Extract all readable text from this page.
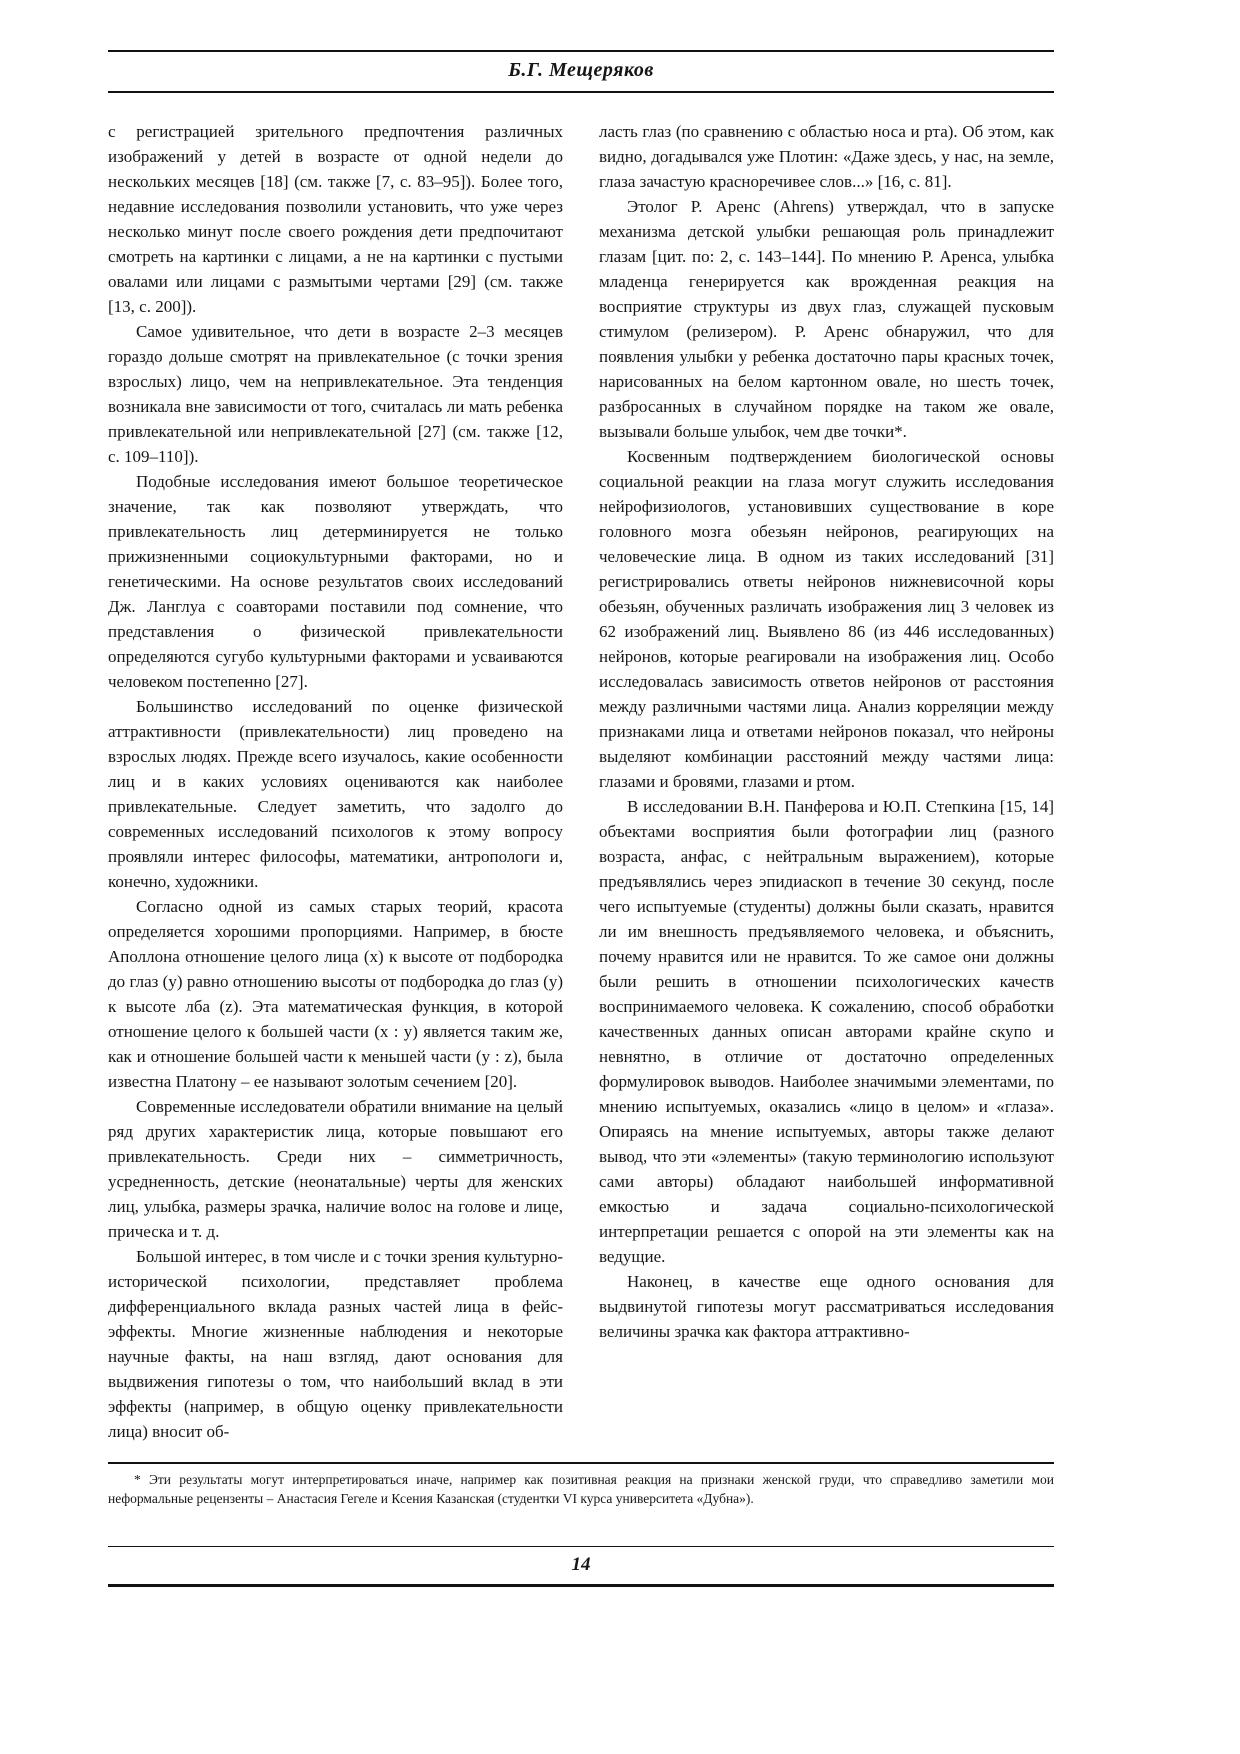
Б.Г. Мещеряков

с регистрацией зрительного предпочтения различных изображений у детей в возрасте от одной недели до нескольких месяцев [18] (см. также [7, с. 83–95]). Более того, недавние исследования позволили установить, что уже через несколько минут после своего рождения дети предпочитают смотреть на картинки с лицами, а не на картинки с пустыми овалами или лицами с размытыми чертами [29] (см. также [13, с. 200]).

Самое удивительное, что дети в возрасте 2–3 месяцев гораздо дольше смотрят на привлекательное (с точки зрения взрослых) лицо, чем на непривлекательное. Эта тенденция возникала вне зависимости от того, считалась ли мать ребенка привлекательной или непривлекательной [27] (см. также [12, с. 109–110]).

Подобные исследования имеют большое теоретическое значение, так как позволяют утверждать, что привлекательность лиц детерминируется не только прижизненными социокультурными факторами, но и генетическими. На основе результатов своих исследований Дж. Ланглуа с соавторами поставили под сомнение, что представления о физической привлекательности определяются сугубо культурными факторами и усваиваются человеком постепенно [27].

Большинство исследований по оценке физической аттрактивности (привлекательности) лиц проведено на взрослых людях. Прежде всего изучалось, какие особенности лиц и в каких условиях оцениваются как наиболее привлекательные. Следует заметить, что задолго до современных исследований психологов к этому вопросу проявляли интерес философы, математики, антропологи и, конечно, художники.

Согласно одной из самых старых теорий, красота определяется хорошими пропорциями. Например, в бюсте Аполлона отношение целого лица (x) к высоте от подбородка до глаз (y) равно отношению высоты от подбородка до глаз (y) к высоте лба (z). Эта математическая функция, в которой отношение целого к большей части (x : y) является таким же, как и отношение большей части к меньшей части (y : z), была известна Платону – ее называют золотым сечением [20].

Современные исследователи обратили внимание на целый ряд других характеристик лица, которые повышают его привлекательность. Среди них – симметричность, усредненность, детские (неонатальные) черты для женских лиц, улыбка, размеры зрачка, наличие волос на голове и лице, прическа и т. д.

Большой интерес, в том числе и с точки зрения культурно-исторической психологии, представляет проблема дифференциального вклада разных частей лица в фейс-эффекты. Многие жизненные наблюдения и некоторые научные факты, на наш взгляд, дают основания для выдвижения гипотезы о том, что наибольший вклад в эти эффекты (например, в общую оценку привлекательности лица) вносит об-

ласть глаз (по сравнению с областью носа и рта). Об этом, как видно, догадывался уже Плотин: «Даже здесь, у нас, на земле, глаза зачастую красноречивее слов...» [16, с. 81].

Этолог Р. Аренс (Ahrens) утверждал, что в запуске механизма детской улыбки решающая роль принадлежит глазам [цит. по: 2, с. 143–144]. По мнению Р. Аренса, улыбка младенца генерируется как врожденная реакция на восприятие структуры из двух глаз, служащей пусковым стимулом (релизером). Р. Аренс обнаружил, что для появления улыбки у ребенка достаточно пары красных точек, нарисованных на белом картонном овале, но шесть точек, разбросанных в случайном порядке на таком же овале, вызывали больше улыбок, чем две точки*.

Косвенным подтверждением биологической основы социальной реакции на глаза могут служить исследования нейрофизиологов, установивших существование в коре головного мозга обезьян нейронов, реагирующих на человеческие лица. В одном из таких исследований [31] регистрировались ответы нейронов нижневисочной коры обезьян, обученных различать изображения лиц 3 человек из 62 изображений лиц. Выявлено 86 (из 446 исследованных) нейронов, которые реагировали на изображения лиц. Особо исследовалась зависимость ответов нейронов от расстояния между различными частями лица. Анализ корреляции между признаками лица и ответами нейронов показал, что нейроны выделяют комбинации расстояний между частями лица: глазами и бровями, глазами и ртом.

В исследовании В.Н. Панферова и Ю.П. Степкина [15, 14] объектами восприятия были фотографии лиц (разного возраста, анфас, с нейтральным выражением), которые предъявлялись через эпидиаскоп в течение 30 секунд, после чего испытуемые (студенты) должны были сказать, нравится ли им внешность предъявляемого человека, и объяснить, почему нравится или не нравится. То же самое они должны были решить в отношении психологических качеств воспринимаемого человека. К сожалению, способ обработки качественных данных описан авторами крайне скупо и невнятно, в отличие от достаточно определенных формулировок выводов. Наиболее значимыми элементами, по мнению испытуемых, оказались «лицо в целом» и «глаза». Опираясь на мнение испытуемых, авторы также делают вывод, что эти «элементы» (такую терминологию используют сами авторы) обладают наибольшей информативной емкостью и задача социально-психологической интерпретации решается с опорой на эти элементы как на ведущие.

Наконец, в качестве еще одного основания для выдвинутой гипотезы могут рассматриваться исследования величины зрачка как фактора аттрактивно-

* Эти результаты могут интерпретироваться иначе, например как позитивная реакция на признаки женской груди, что справедливо заметили мои неформальные рецензенты – Анастасия Гегеле и Ксения Казанская (студентки VI курса университета «Дубна»).

14
